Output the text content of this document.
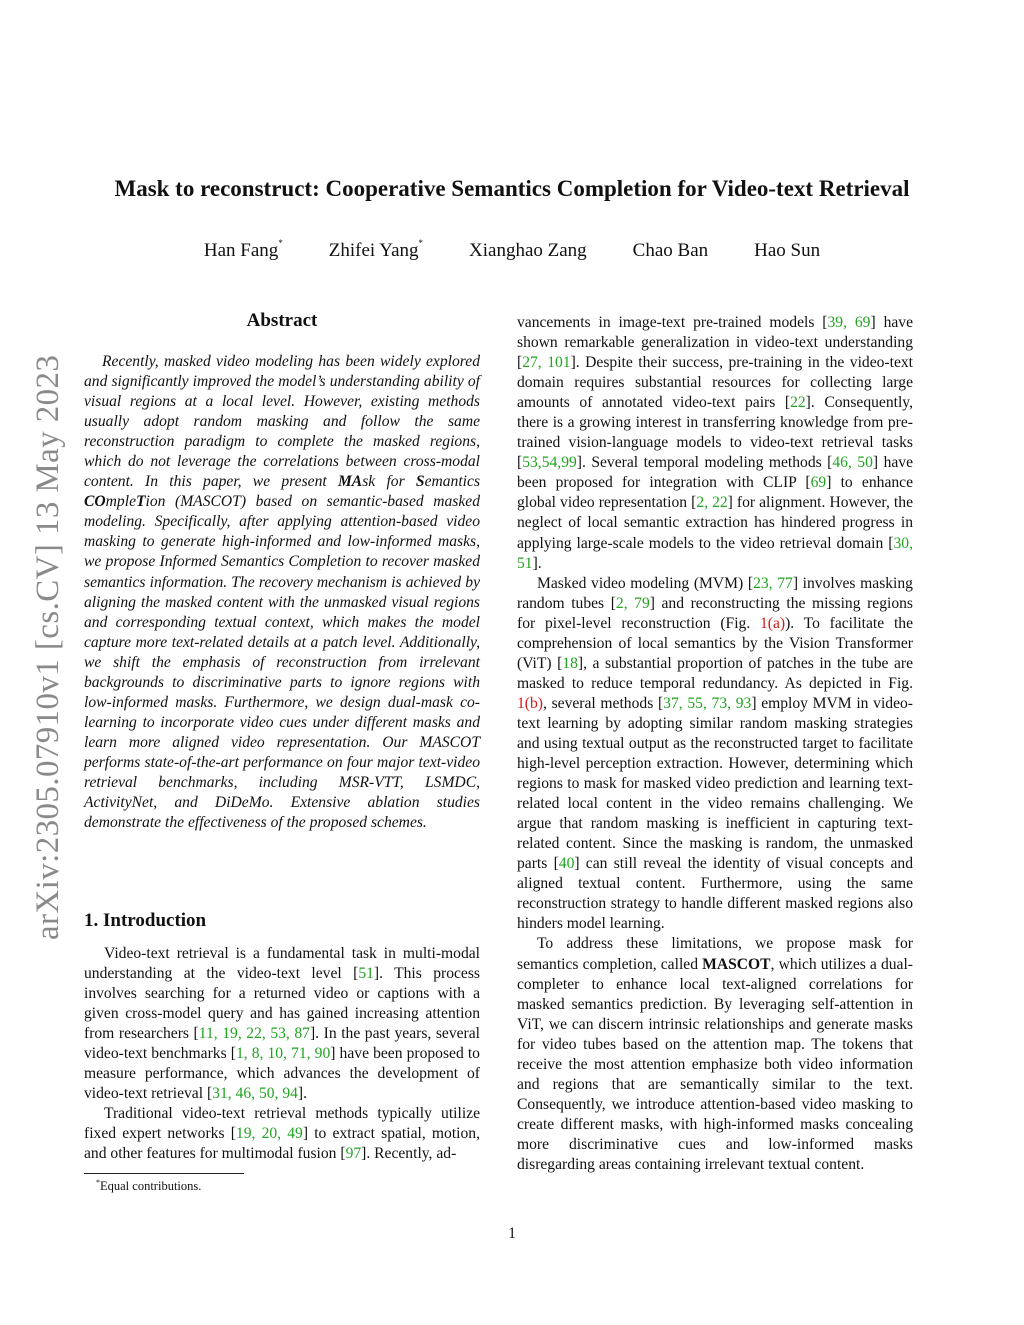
arXiv:2305.07910v1 [cs.CV] 13 May 2023
Mask to reconstruct: Cooperative Semantics Completion for Video-text Retrieval
Han Fang* Zhifei Yang* Xianghao Zang Chao Ban Hao Sun
Abstract

Recently, masked video modeling has been widely explored and significantly improved the model’s understanding ability of visual regions at a local level. However, existing methods usually adopt random masking and follow the same reconstruction paradigm to complete the masked regions, which do not leverage the correlations between cross-modal content. In this paper, we present MAsk for Semantics COmpleTion (MASCOT) based on semantic-based masked modeling. Specifically, after applying attention-based video masking to generate high-informed and low-informed masks, we propose Informed Semantics Completion to recover masked semantics information. The recovery mechanism is achieved by aligning the masked content with the unmasked visual regions and corresponding textual context, which makes the model capture more text-related details at a patch level. Additionally, we shift the emphasis of reconstruction from irrelevant backgrounds to discriminative parts to ignore regions with low-informed masks. Furthermore, we design dual-mask co-learning to incorporate video cues under different masks and learn more aligned video representation. Our MASCOT performs state-of-the-art performance on four major text-video retrieval benchmarks, including MSR-VTT, LSMDC, ActivityNet, and DiDeMo. Extensive ablation studies demonstrate the effectiveness of the proposed schemes.

1. Introduction

Video-text retrieval is a fundamental task in multi-modal understanding at the video-text level [51]. This process involves searching for a returned video or captions with a given cross-model query and has gained increasing attention from researchers [11, 19, 22, 53, 87]. In the past years, several video-text benchmarks [1, 8, 10, 71, 90] have been proposed to measure performance, which advances the development of video-text retrieval [31, 46, 50, 94].

Traditional video-text retrieval methods typically utilize fixed expert networks [19, 20, 49] to extract spatial, motion, and other features for multimodal fusion [97]. Recently, ad-

vancements in image-text pre-trained models [39, 69] have shown remarkable generalization in video-text understanding [27, 101]. Despite their success, pre-training in the video-text domain requires substantial resources for collecting large amounts of annotated video-text pairs [22]. Consequently, there is a growing interest in transferring knowledge from pre-trained vision-language models to video-text retrieval tasks [53,54,99]. Several temporal modeling methods [46, 50] have been proposed for integration with CLIP [69] to enhance global video representation [2, 22] for alignment. However, the neglect of local semantic extraction has hindered progress in applying large-scale models to the video retrieval domain [30, 51].

Masked video modeling (MVM) [23, 77] involves masking random tubes [2, 79] and reconstructing the missing regions for pixel-level reconstruction (Fig. 1(a)). To facilitate the comprehension of local semantics by the Vision Transformer (ViT) [18], a substantial proportion of patches in the tube are masked to reduce temporal redundancy. As depicted in Fig. 1(b), several methods [37, 55, 73, 93] employ MVM in video-text learning by adopting similar random masking strategies and using textual output as the reconstructed target to facilitate high-level perception extraction. However, determining which regions to mask for masked video prediction and learning text-related local content in the video remains challenging. We argue that random masking is inefficient in capturing text-related content. Since the masking is random, the unmasked parts [40] can still reveal the identity of visual concepts and aligned textual content. Furthermore, using the same reconstruction strategy to handle different masked regions also hinders model learning.

To address these limitations, we propose mask for semantics completion, called MASCOT, which utilizes a dual-completer to enhance local text-aligned correlations for masked semantics prediction. By leveraging self-attention in ViT, we can discern intrinsic relationships and generate masks for video tubes based on the attention map. The tokens that receive the most attention emphasize both video information and regions that are semantically similar to the text. Consequently, we introduce attention-based video masking to create different masks, with high-informed masks concealing more discriminative cues and low-informed masks disregarding areas containing irrelevant textual content.

*Equal contributions.
1
